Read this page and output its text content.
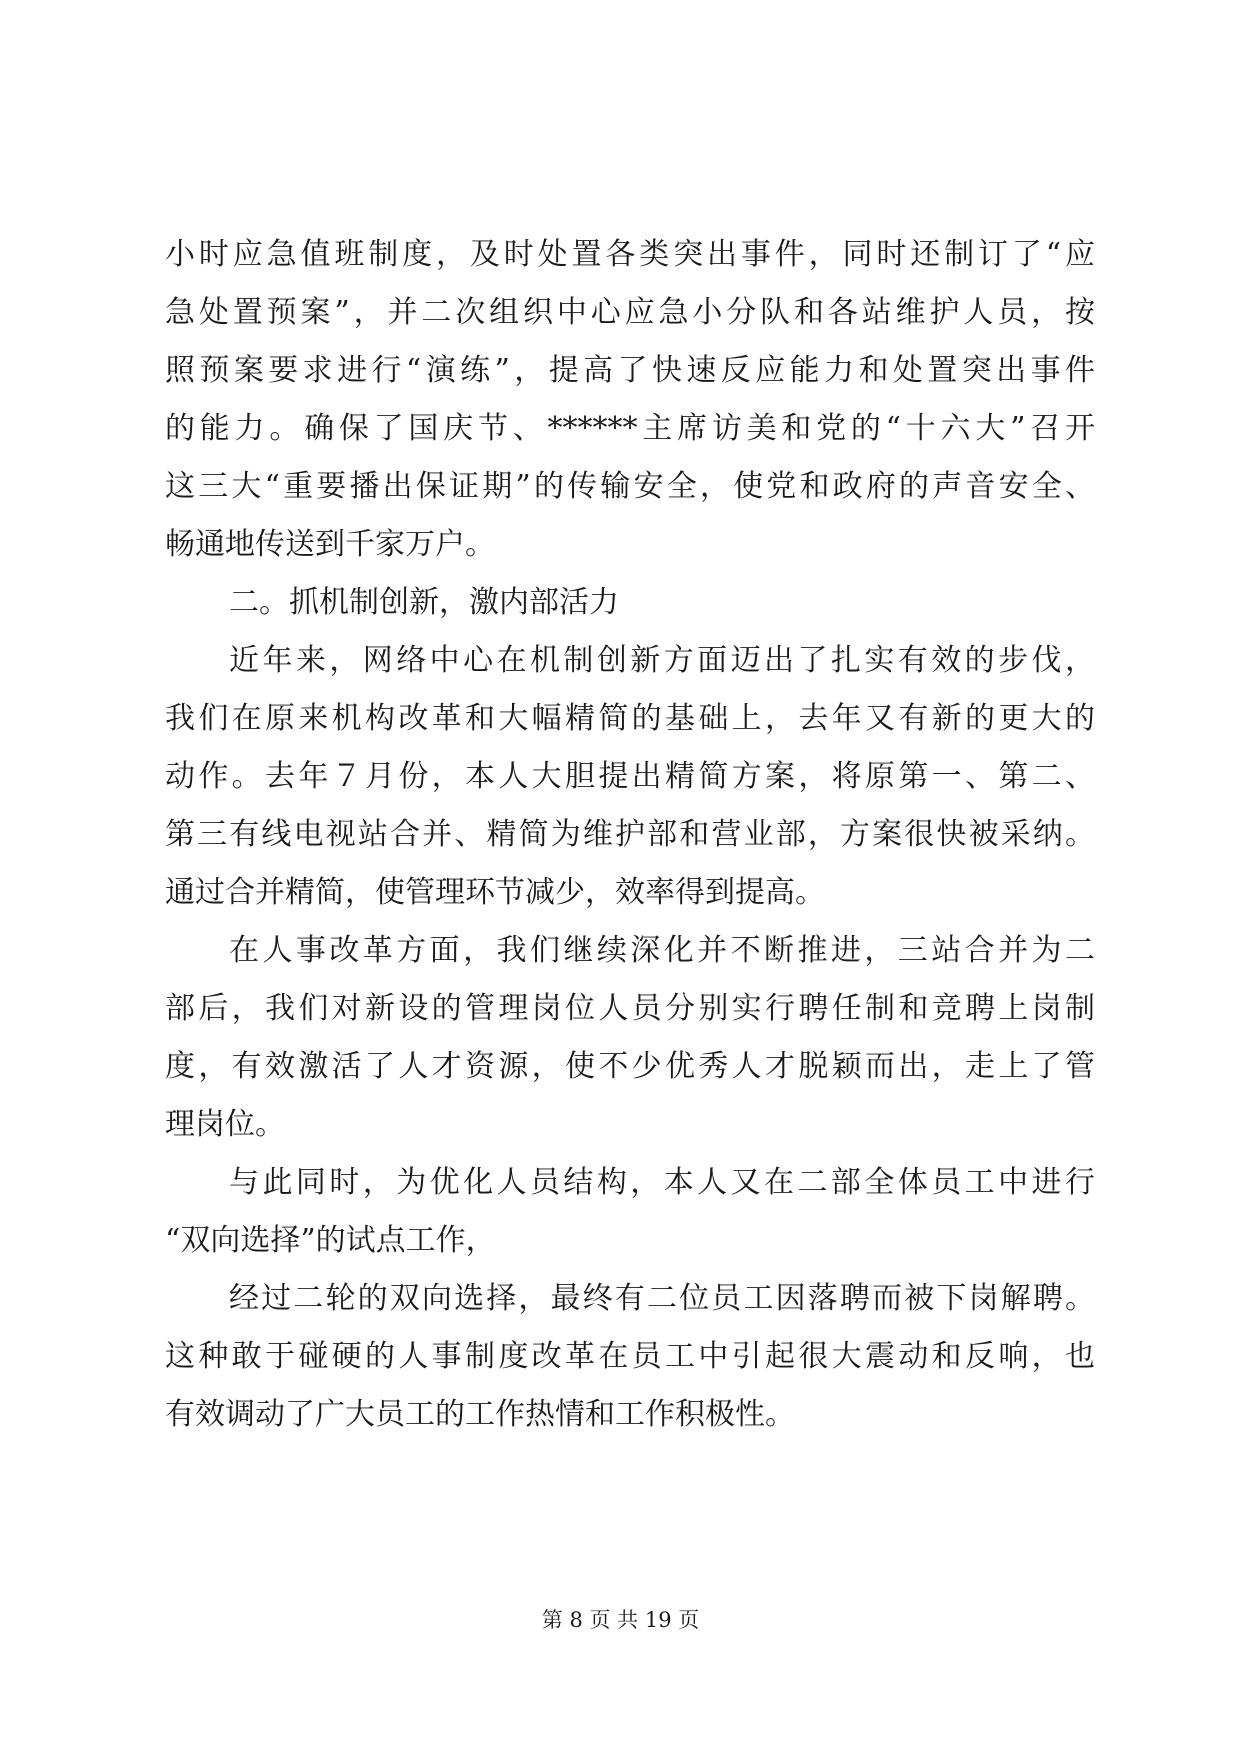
小时应急值班制度，及时处置各类突出事件，同时还制订了“应
急处置预案”，并二次组织中心应急小分队和各站维护人员，按
照预案要求进行“演练”，提高了快速反应能力和处置突出事件
的能力。确保了国庆节、******主席访美和党的“十六大”召开
这三大“重要播出保证期”的传输安全，使党和政府的声音安全、
畅通地传送到千家万户。
二。抓机制创新，激内部活力
近年来，网络中心在机制创新方面迈出了扎实有效的步伐，
我们在原来机构改革和大幅精简的基础上，去年又有新的更大的
动作。去年７月份，本人大胆提出精简方案，将原第一、第二、
第三有线电视站合并、精简为维护部和营业部，方案很快被采纳。
通过合并精简，使管理环节减少，效率得到提高。
在人事改革方面，我们继续深化并不断推进，三站合并为二
部后，我们对新设的管理岗位人员分别实行聘任制和竞聘上岗制
度，有效激活了人才资源，使不少优秀人才脱颖而出，走上了管
理岗位。
与此同时，为优化人员结构，本人又在二部全体员工中进行
“双向选择”的试点工作，
经过二轮的双向选择，最终有二位员工因落聘而被下岗解聘。
这种敢于碰硬的人事制度改革在员工中引起很大震动和反响，也
有效调动了广大员工的工作热情和工作积极性。
第 8 页 共 19 页
